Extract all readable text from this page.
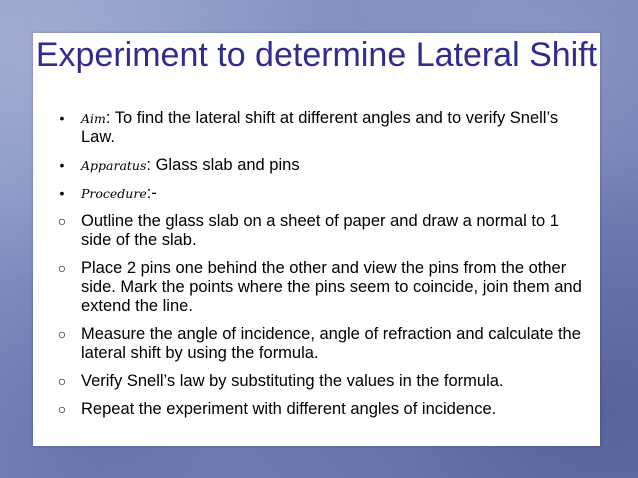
Experiment to determine Lateral Shift
•	Aim: To find the lateral shift at different angles and to verify Snell’s Law.
•	Apparatus: Glass slab and pins
•	Procedure:-
○ Outline the glass slab on a sheet of paper and draw a normal to 1 side of the slab.
○ Place 2 pins one behind the other and view the pins from the other side. Mark the points where the pins seem to coincide, join them and extend the line.
○ Measure the angle of incidence, angle of refraction and calculate the lateral shift by using the formula.
○ Verify Snell’s law by substituting the values in the formula.
○ Repeat the experiment with different angles of incidence.
